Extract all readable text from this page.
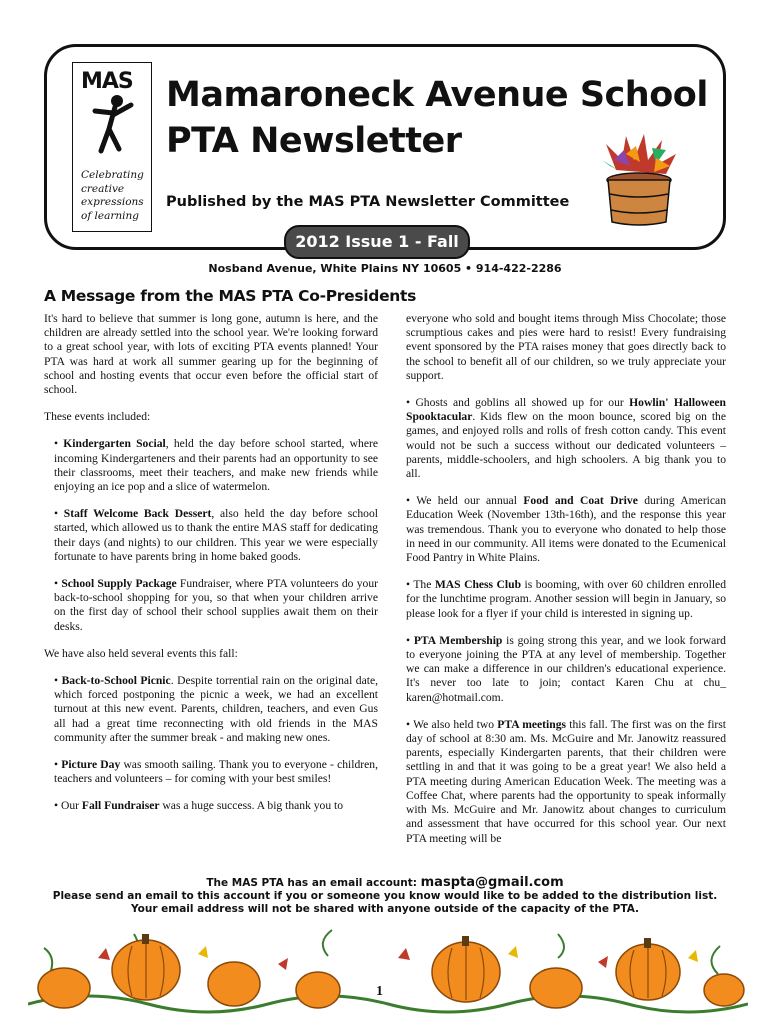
MAS
Celebrating creative expressions of learning
Mamaroneck Avenue School
PTA Newsletter
Published by the MAS PTA Newsletter Committee
2012 Issue 1 - Fall
Nosband Avenue, White Plains NY 10605 • 914-422-2286
A Message from the MAS PTA Co-Presidents

It's hard to believe that summer is long gone, autumn is here, and the children are already settled into the school year. We're looking forward to a great school year, with lots of exciting PTA events planned! Your PTA was hard at work all summer gearing up for the beginning of school and hosting events that occur even before the official start of school.

These events included:

• Kindergarten Social, held the day before school started, where incoming Kindergarteners and their parents had an opportunity to see their classrooms, meet their teachers, and make new friends while enjoying an ice pop and a slice of watermelon.

• Staff Welcome Back Dessert, also held the day before school started, which allowed us to thank the entire MAS staff for dedicating their days (and nights) to our children. This year we were especially fortunate to have parents bring in home baked goods.

• School Supply Package Fundraiser, where PTA volunteers do your back-to-school shopping for you, so that when your children arrive on the first day of school their school supplies await them on their desks.

We have also held several events this fall:

• Back-to-School Picnic. Despite torrential rain on the original date, which forced postponing the picnic a week, we had an excellent turnout at this new event. Parents, children, teachers, and even Gus all had a great time reconnecting with old friends in the MAS community after the summer break - and making new ones.

• Picture Day was smooth sailing. Thank you to everyone - children, teachers and volunteers – for coming with your best smiles!

• Our Fall Fundraiser was a huge success. A big thank you to

everyone who sold and bought items through Miss Chocolate; those scrumptious cakes and pies were hard to resist! Every fundraising event sponsored by the PTA raises money that goes directly back to the school to benefit all of our children, so we truly appreciate your support.

• Ghosts and goblins all showed up for our Howlin' Halloween Spooktacular. Kids flew on the moon bounce, scored big on the games, and enjoyed rolls and rolls of fresh cotton candy. This event would not be such a success without our dedicated volunteers – parents, middle-schoolers, and high schoolers. A big thank you to all.

• We held our annual Food and Coat Drive during American Education Week (November 13th-16th), and the response this year was tremendous. Thank you to everyone who donated to help those in need in our community. All items were donated to the Ecumenical Food Pantry in White Plains.

• The MAS Chess Club is booming, with over 60 children enrolled for the lunchtime program. Another session will begin in January, so please look for a flyer if your child is interested in signing up.

• PTA Membership is going strong this year, and we look forward to everyone joining the PTA at any level of membership. Together we can make a difference in our children's educational experience. It's never too late to join; contact Karen Chu at chu_ karen@hotmail.com.

• We also held two PTA meetings this fall. The first was on the first day of school at 8:30 am. Ms. McGuire and Mr. Janowitz reassured parents, especially Kindergarten parents, that their children were settling in and that it was going to be a great year! We also held a PTA meeting during American Education Week. The meeting was a Coffee Chat, where parents had the opportunity to speak informally with Ms. McGuire and Mr. Janowitz about changes to curriculum and assessment that have occurred for this school year. Our next PTA meeting will be

The MAS PTA has an email account: maspta@gmail.com
Please send an email to this account if you or someone you know would like to be added to the distribution list.
Your email address will not be shared with anyone outside of the capacity of the PTA.
1
